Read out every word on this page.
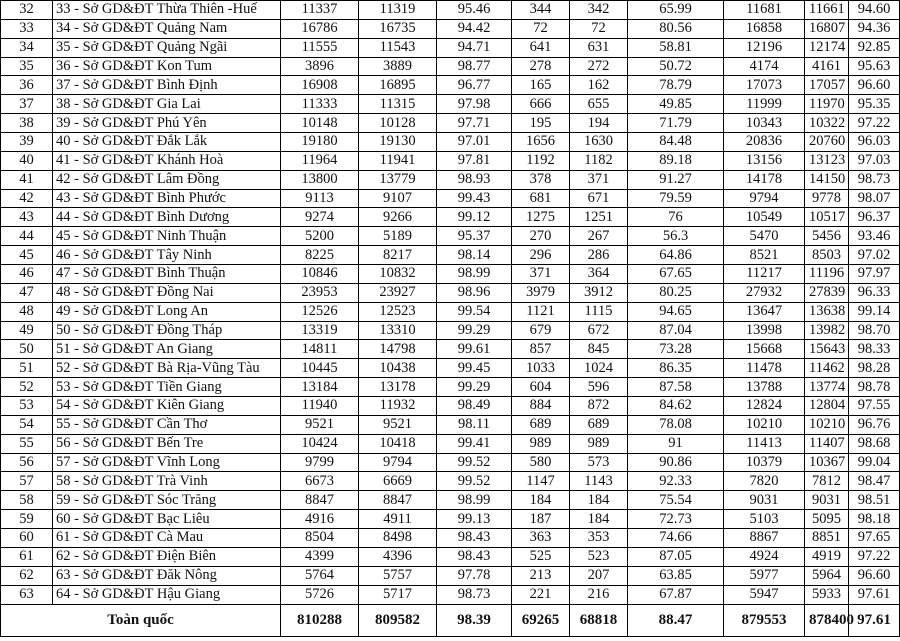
32	33 - Sở GD&ĐT Thừa Thiên -Huế	11337	11319	95.46	344	342	65.99	11681	11661	94.60
33	34 - Sở GD&ĐT Quảng Nam	16786	16735	94.42	72	72	80.56	16858	16807	94.36
34	35 - Sở GD&ĐT Quảng Ngãi	11555	11543	94.71	641	631	58.81	12196	12174	92.85
35	36 - Sở GD&ĐT Kon Tum	3896	3889	98.77	278	272	50.72	4174	4161	95.63
36	37 - Sở GD&ĐT Bình Định	16908	16895	96.77	165	162	78.79	17073	17057	96.60
37	38 - Sở GD&ĐT Gia Lai	11333	11315	97.98	666	655	49.85	11999	11970	95.35
38	39 - Sở GD&ĐT Phú Yên	10148	10128	97.71	195	194	71.79	10343	10322	97.22
39	40 - Sở GD&ĐT Đắk Lắk	19180	19130	97.01	1656	1630	84.48	20836	20760	96.03
40	41 - Sở GD&ĐT Khánh Hoà	11964	11941	97.81	1192	1182	89.18	13156	13123	97.03
41	42 - Sở GD&ĐT Lâm Đồng	13800	13779	98.93	378	371	91.27	14178	14150	98.73
42	43 - Sở GD&ĐT Bình Phước	9113	9107	99.43	681	671	79.59	9794	9778	98.07
43	44 - Sở GD&ĐT Bình Dương	9274	9266	99.12	1275	1251	76	10549	10517	96.37
44	45 - Sở GD&ĐT Ninh Thuận	5200	5189	95.37	270	267	56.3	5470	5456	93.46
45	46 - Sở GD&ĐT Tây Ninh	8225	8217	98.14	296	286	64.86	8521	8503	97.02
46	47 - Sở GD&ĐT Bình Thuận	10846	10832	98.99	371	364	67.65	11217	11196	97.97
47	48 - Sở GD&ĐT Đồng Nai	23953	23927	98.96	3979	3912	80.25	27932	27839	96.33
48	49 - Sở GD&ĐT Long An	12526	12523	99.54	1121	1115	94.65	13647	13638	99.14
49	50 - Sở GD&ĐT Đồng Tháp	13319	13310	99.29	679	672	87.04	13998	13982	98.70
50	51 - Sở GD&ĐT An Giang	14811	14798	99.61	857	845	73.28	15668	15643	98.33
51	52 - Sở GD&ĐT Bà Rịa-Vũng Tàu	10445	10438	99.45	1033	1024	86.35	11478	11462	98.28
52	53 - Sở GD&ĐT Tiền Giang	13184	13178	99.29	604	596	87.58	13788	13774	98.78
53	54 - Sở GD&ĐT Kiên Giang	11940	11932	98.49	884	872	84.62	12824	12804	97.55
54	55 - Sở GD&ĐT Cần Thơ	9521	9521	98.11	689	689	78.08	10210	10210	96.76
55	56 - Sở GD&ĐT Bến Tre	10424	10418	99.41	989	989	91	11413	11407	98.68
56	57 - Sở GD&ĐT Vĩnh Long	9799	9794	99.52	580	573	90.86	10379	10367	99.04
57	58 - Sở GD&ĐT Trà Vinh	6673	6669	99.52	1147	1143	92.33	7820	7812	98.47
58	59 - Sở GD&ĐT Sóc Trăng	8847	8847	98.99	184	184	75.54	9031	9031	98.51
59	60 - Sở GD&ĐT Bạc Liêu	4916	4911	99.13	187	184	72.73	5103	5095	98.18
60	61 - Sở GD&ĐT Cà Mau	8504	8498	98.43	363	353	74.66	8867	8851	97.65
61	62 - Sở GD&ĐT Điện Biên	4399	4396	98.43	525	523	87.05	4924	4919	97.22
62	63 - Sở GD&ĐT Đăk Nông	5764	5757	97.78	213	207	63.85	5977	5964	96.60
63	64 - Sở GD&ĐT Hậu Giang	5726	5717	98.73	221	216	67.87	5947	5933	97.61
Toàn quốc		810288	809582	98.39	69265	68818	88.47	879553	878400	97.61
